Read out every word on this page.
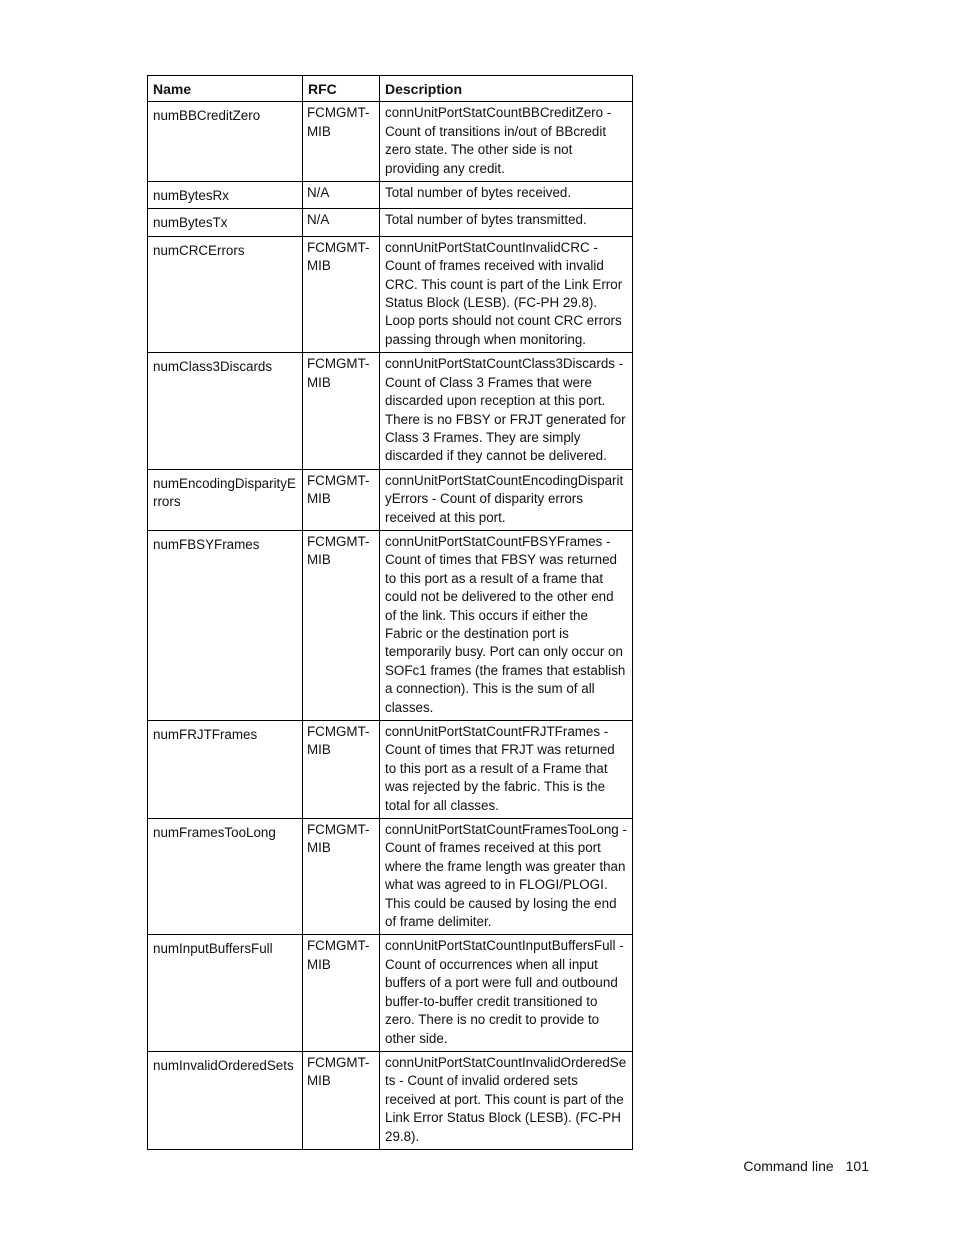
Name	RFC	Description
numBBCreditZero	FCMGMT-MIB	connUnitPortStatCountBBCreditZero - Count of transitions in/out of BBcredit zero state. The other side is not providing any credit.
numBytesRx	N/A	Total number of bytes received.
numBytesTx	N/A	Total number of bytes transmitted.
numCRCErrors	FCMGMT-MIB	connUnitPortStatCountInvalidCRC - Count of frames received with invalid CRC. This count is part of the Link Error Status Block (LESB). (FC-PH 29.8). Loop ports should not count CRC errors passing through when monitoring.
numClass3Discards	FCMGMT-MIB	connUnitPortStatCountClass3Discards - Count of Class 3 Frames that were discarded upon reception at this port. There is no FBSY or FRJT generated for Class 3 Frames. They are simply discarded if they cannot be delivered.
numEncodingDisparityErrors	FCMGMT-MIB	connUnitPortStatCountEncodingDisparityErrors - Count of disparity errors received at this port.
numFBSYFrames	FCMGMT-MIB	connUnitPortStatCountFBSYFrames - Count of times that FBSY was returned to this port as a result of a frame that could not be delivered to the other end of the link. This occurs if either the Fabric or the destination port is temporarily busy. Port can only occur on SOFc1 frames (the frames that establish a connection). This is the sum of all classes.
numFRJTFrames	FCMGMT-MIB	connUnitPortStatCountFRJTFrames - Count of times that FRJT was returned to this port as a result of a Frame that was rejected by the fabric. This is the total for all classes.
numFramesTooLong	FCMGMT-MIB	connUnitPortStatCountFramesTooLong - Count of frames received at this port where the frame length was greater than what was agreed to in FLOGI/PLOGI. This could be caused by losing the end of frame delimiter.
numInputBuffersFull	FCMGMT-MIB	connUnitPortStatCountInputBuffersFull - Count of occurrences when all input buffers of a port were full and outbound buffer-to-buffer credit transitioned to zero. There is no credit to provide to other side.
numInvalidOrderedSets	FCMGMT-MIB	connUnitPortStatCountInvalidOrderedSets - Count of invalid ordered sets received at port. This count is part of the Link Error Status Block (LESB). (FC-PH 29.8).
Command line 101
